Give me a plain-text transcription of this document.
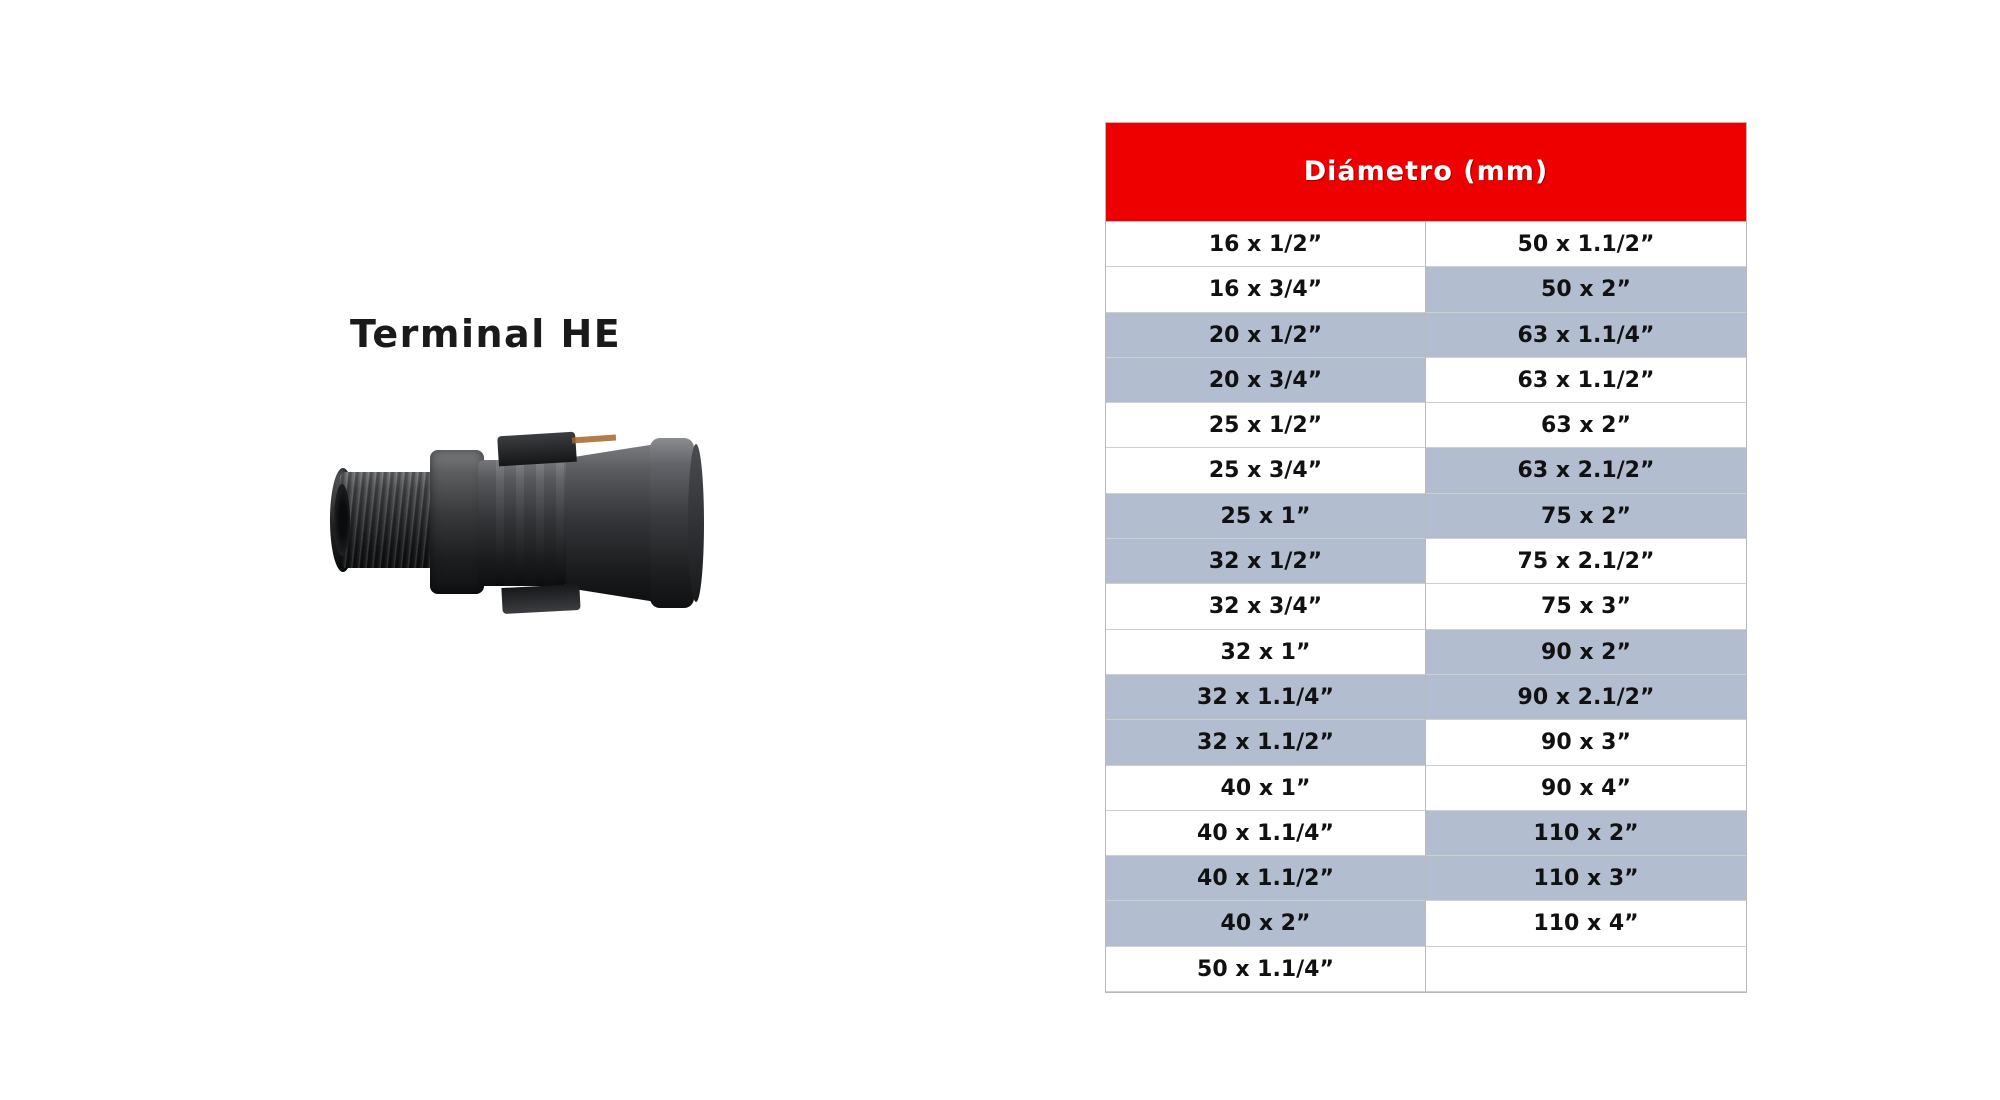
Terminal HE
Diámetro (mm)
16 x 1/2”
16 x 3/4”
20 x 1/2”
20 x 3/4”
25 x 1/2”
25 x 3/4”
25 x 1”
32 x 1/2”
32 x 3/4”
32 x 1”
32 x 1.1/4”
32 x 1.1/2”
40 x 1”
40 x 1.1/4”
40 x 1.1/2”
40 x 2”
50 x 1.1/4”
50 x 1.1/2”
50 x 2”
63 x 1.1/4”
63 x 1.1/2”
63 x 2”
63 x 2.1/2”
75 x 2”
75 x 2.1/2”
75 x 3”
90 x 2”
90 x 2.1/2”
90 x 3”
90 x 4”
110 x 2”
110 x 3”
110 x 4”
